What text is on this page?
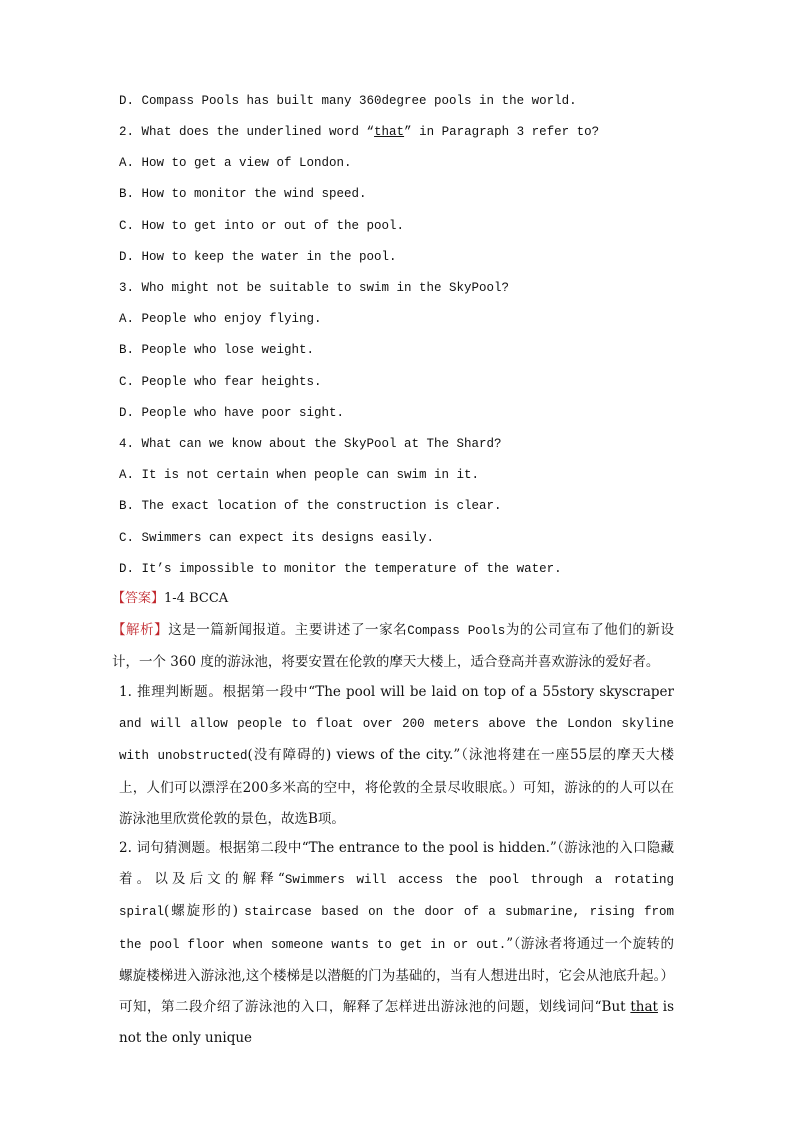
D. Compass Pools has built many 360degree pools in the world.
2. What does the underlined word “that” in Paragraph 3 refer to?
A. How to get a view of London.
B. How to monitor the wind speed.
C. How to get into or out of the pool.
D. How to keep the water in the pool.
3. Who might not be suitable to swim in the SkyPool?
A. People who enjoy flying.
B. People who lose weight.
C. People who fear heights.
D. People who have poor sight.
4. What can we know about the SkyPool at The Shard?
A. It is not certain when people can swim in it.
B. The exact location of the construction is clear.
C. Swimmers can expect its designs easily.
D. It’s impossible to monitor the temperature of the water.
【答案】1-4 BCCA
【解析】这是一篇新闻报道。主要讲述了一家名Compass Pools为的公司宣布了他们的新设计，一个 360 度的游泳池，将要安置在伦敦的摩天大楼上，适合登高并喜欢游泳的爱好者。
1. 推理判断题。根据第一段中“The pool will be laid on top of a 55story skyscraper and will allow people to float over 200 meters above the London skyline with unobstructed(没有障碍的) views of the city.”（泳池将建在一座55层的摩天大楼上，人们可以漂浮在200多米高的空中，将伦敦的全景尽收眼底。）可知，游泳的的人可以在游泳池里欣赏伦敦的景色，故选B项。
2. 词句猜测题。根据第二段中“The entrance to the pool is hidden.”（游泳池的入口隐藏着。以及后文的解释“Swimmers will access the pool through a rotating spiral(螺旋形的) staircase based on the door of a submarine, rising from the pool floor when someone wants to get in or out.”（游泳者将通过一个旋转的螺旋楼梯进入游泳池,这个楼梯是以潜艇的门为基础的，当有人想进出时，它会从池底升起。）可知，第二段介绍了游泳池的入口，解释了怎样进出游泳池的问题，划线词问“But that is not the only unique
